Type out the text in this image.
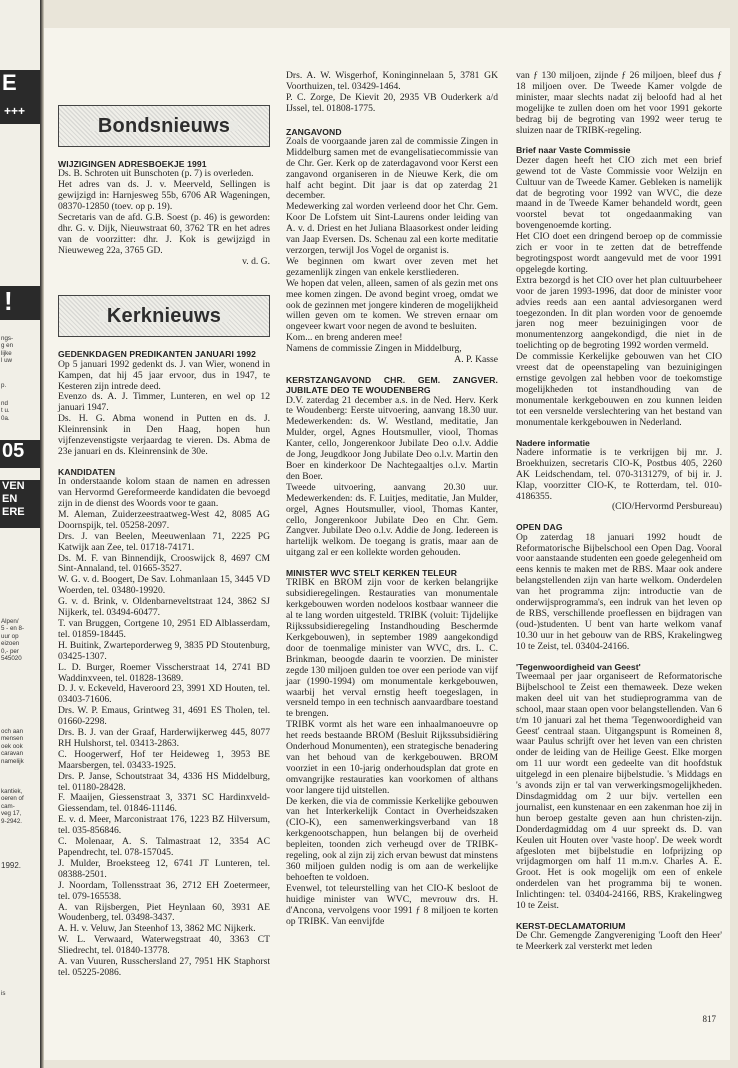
E
+++
!
05
VEN
EN
ERE
ngs-
g en
lijke
l uw
p.
nd
t u.
0a.
Alpen/
5 - en 8-
uur op
eizoen
0,- per
545020
och aan
mensen
oek ook
caravan
namelijk
kantiek,
oeren of
cam-
veg 17,
9-2942.
1992.
is
Bondsnieuws
WIJZIGINGEN ADRESBOEKJE 1991

Ds. B. Schroten uit Bunschoten (p. 7) is overleden.

Het adres van ds. J. v. Meerveld, Sellingen is gewijzigd in: Harnjesweg 55b, 6706 AR Wageningen, 08370-12850 (toev. op p. 19).

Secretaris van de afd. G.B. Soest (p. 46) is geworden: dhr. G. v. Dijk, Nieuwstraat 60, 3762 TR en het adres van de voorzitter: dhr. J. Kok is gewijzigd in Nieuweweg 22a, 3765 GD.

v. d. G.

Kerknieuws
GEDENKDAGEN PREDIKANTEN JANUARI 1992

Op 5 januari 1992 gedenkt ds. J. van Wier, wonend in Kampen, dat hij 45 jaar ervoor, dus in 1947, te Kesteren zijn intrede deed.

Evenzo ds. A. J. Timmer, Lunteren, en wel op 12 januari 1947.

Ds. H. G. Abma wonend in Putten en ds. J. Kleinrensink in Den Haag, hopen hun vijfenzevenstigste verjaardag te vieren. Ds. Abma de 23e januari en ds. Kleinrensink de 30e.

KANDIDATEN

In onderstaande kolom staan de namen en adressen van Hervormd Gereformeerde kandidaten die bevoegd zijn in de dienst des Woords voor te gaan.

M. Aleman, Zuiderzeestraatweg-West 42, 8085 AG Doornspijk, tel. 05258-2097.

Drs. J. van Beelen, Meeuwenlaan 71, 2225 PG Katwijk aan Zee, tel. 01718-74171.

Ds. M. F. van Binnendijk, Crooswijck 8, 4697 CM Sint-Annaland, tel. 01665-3527.

W. G. v. d. Boogert, De Sav. Lohmanlaan 15, 3445 VD Woerden, tel. 03480-19920.

G. v. d. Brink, v. Oldenbarneveltstraat 124, 3862 SJ Nijkerk, tel. 03494-60477.

T. van Bruggen, Cortgene 10, 2951 ED Alblasserdam, tel. 01859-18445.

H. Buitink, Zwarteporderweg 9, 3835 PD Stoutenburg, 03425-1307.

L. D. Burger, Roemer Visscherstraat 14, 2741 BD Waddinxveen, tel. 01828-13689.

D. J. v. Eckeveld, Haveroord 23, 3991 XD Houten, tel. 03403-71606.

Drs. W. P. Emaus, Grintweg 31, 4691 ES Tholen, tel. 01660-2298.

Drs. B. J. van der Graaf, Harderwijkerweg 445, 8077 RH Hulshorst, tel. 03413-2863.

C. Hoogerwerf, Hof ter Heideweg 1, 3953 BE Maarsbergen, tel. 03433-1925.

Drs. P. Janse, Schoutstraat 34, 4336 HS Middelburg, tel. 01180-28428.

F. Maaijen, Giessenstraat 3, 3371 SC Hardinxveld-Giessendam, tel. 01846-11146.

E. v. d. Meer, Marconistraat 176, 1223 BZ Hilversum, tel. 035-856846.

C. Molenaar, A. S. Talmastraat 12, 3354 AC Papendrecht, tel. 078-157045.

J. Mulder, Broeksteeg 12, 6741 JT Lunteren, tel. 08388-2501.

J. Noordam, Tollensstraat 36, 2712 EH Zoetermeer, tel. 079-165538.

A. van Rijsbergen, Piet Heynlaan 60, 3931 AE Woudenberg, tel. 03498-3437.

A. H. v. Veluw, Jan Steenhof 13, 3862 MC Nijkerk.

W. L. Verwaard, Waterwegstraat 40, 3363 CT Sliedrecht, tel. 01840-13778.

A. van Vuuren, Russchersland 27, 7951 HK Staphorst tel. 05225-2086.

Drs. A. W. Wisgerhof, Koninginnelaan 5, 3781 GK Voorthuizen, tel. 03429-1464.

P. C. Zorge, De Kievit 20, 2935 VB Ouderkerk a/d IJssel, tel. 01808-1775.

ZANGAVOND

Zoals de voorgaande jaren zal de commissie Zingen in Middelburg samen met de evangelisatiecommissie van de Chr. Ger. Kerk op de zaterdagavond voor Kerst een zangavond organiseren in de Nieuwe Kerk, die om half acht begint. Dit jaar is dat op zaterdag 21 december.

Medewerking zal worden verleend door het Chr. Gem. Koor De Lofstem uit Sint-Laurens onder leiding van A. v. d. Driest en het Juliana Blaasorkest onder leiding van Jaap Eversen. Ds. Schenau zal een korte meditatie verzorgen, terwijl Jos Vogel de organist is.

We beginnen om kwart over zeven met het gezamenlijk zingen van enkele kerstliederen.

We hopen dat velen, alleen, samen of als gezin met ons mee komen zingen. De avond begint vroeg, omdat we ook de gezinnen met jongere kinderen de mogelijkheid willen geven om te komen. We streven ernaar om ongeveer kwart voor negen de avond te besluiten.

Kom... en breng anderen mee!

Namens de commissie Zingen in Middelburg,

A. P. Kasse

KERSTZANGAVOND CHR. GEM. ZANGVER. JUBILATE DEO TE WOUDENBERG

D.V. zaterdag 21 december a.s. in de Ned. Herv. Kerk te Woudenberg: Eerste uitvoering, aanvang 18.30 uur. Medewerkenden: ds. W. Westland, meditatie, Jan Mulder, orgel, Agnes Houtsmuller, viool, Thomas Kanter, cello, Jongerenkoor Jubilate Deo o.l.v. Addie de Jong, Jeugdkoor Jong Jubilate Deo o.l.v. Martin den Boer en kinderkoor De Nachtegaaltjes o.l.v. Martin den Boer.

Tweede uitvoering, aanvang 20.30 uur. Medewerkenden: ds. F. Luitjes, meditatie, Jan Mulder, orgel, Agnes Houtsmuller, viool, Thomas Kanter, cello, Jongerenkoor Jubilate Deo en Chr. Gem. Zangver. Jubilate Deo o.l.v. Addie de Jong. Iedereen is hartelijk welkom. De toegang is gratis, maar aan de uitgang zal er een kollekte worden gehouden.

MINISTER WVC STELT KERKEN TELEUR

TRIBK en BROM zijn voor de kerken belangrijke subsidieregelingen. Restauraties van monumentale kerkgebouwen worden nodeloos kostbaar wanneer die al te lang worden uitgesteld. TRIBK (voluit: Tijdelijke Rijkssubsidieregeling Instandhouding Beschermde Kerkgebouwen), in september 1989 aangekondigd door de toenmalige minister van WVC, drs. L. C. Brinkman, beoogde daarin te voorzien. De minister zegde 130 miljoen gulden toe over een periode van vijf jaar (1990-1994) om monumentale kerkgebouwen, waarbij het verval ernstig heeft toegeslagen, in versneld tempo in een technisch aanvaardbare toestand te brengen.

TRIBK vormt als het ware een inhaalmanoeuvre op het reeds bestaande BROM (Besluit Rijkssubsidiëring Onderhoud Monumenten), een strategische benadering van het behoud van de kerkgebouwen. BROM voorziet in een 10-jarig onderhoudsplan dat grote en omvangrijke restauraties kan voorkomen of althans voor langere tijd uitstellen.

De kerken, die via de commissie Kerkelijke gebouwen van het Interkerkelijk Contact in Overheidszaken (CIO-K), een samenwerkingsverband van 18 kerkgenootschappen, hun belangen bij de overheid bepleiten, toonden zich verheugd over de TRIBK-regeling, ook al zijn zij zich ervan bewust dat minstens 360 miljoen gulden nodig is om aan de werkelijke behoeften te voldoen.

Evenwel, tot teleurstelling van het CIO-K besloot de huidige minister van WVC, mevrouw drs. H. d'Ancona, vervolgens voor 1991 ƒ 8 miljoen te korten op TRIBK. Van eenvijfde

van ƒ 130 miljoen, zijnde ƒ 26 miljoen, bleef dus ƒ 18 miljoen over. De Tweede Kamer volgde de minister, maar slechts nadat zij beloofd had al het mogelijke te zullen doen om het voor 1991 gekorte bedrag bij de begroting van 1992 weer terug te sluizen naar de TRIBK-regeling.

Brief naar Vaste Commissie

Dezer dagen heeft het CIO zich met een brief gewend tot de Vaste Commissie voor Welzijn en Cultuur van de Tweede Kamer. Gebleken is namelijk dat de begroting voor 1992 van WVC, die deze maand in de Tweede Kamer behandeld wordt, geen voorstel bevat tot ongedaanmaking van bovengenoemde korting.

Het CIO doet een dringend beroep op de commissie zich er voor in te zetten dat de betreffende begrotingspost wordt aangevuld met de voor 1991 opgelegde korting.

Extra bezorgd is het CIO over het plan cultuurbeheer voor de jaren 1993-1996, dat door de minister voor advies reeds aan een aantal adviesorganen werd toegezonden. In dit plan worden voor de genoemde jaren nog meer bezuinigingen voor de monumentenzorg aangekondigd, die niet in de toelichting op de begroting 1992 worden vermeld.

De commissie Kerkelijke gebouwen van het CIO vreest dat de opeenstapeling van bezuinigingen ernstige gevolgen zal hebben voor de toekomstige mogelijkheden tot instandhouding van de monumentale kerkgebouwen en zou kunnen leiden tot een versnelde verslechtering van het bestand van monumentale kerkgebouwen in Nederland.

Nadere informatie

Nadere informatie is te verkrijgen bij mr. J. Broekhuizen, secretaris CIO-K, Postbus 405, 2260 AK Leidschendam, tel. 070-3131279, of bij ir. J. Klap, voorzitter CIO-K, te Rotterdam, tel. 010-4186355.

(CIO/Hervormd Persbureau)

OPEN DAG

Op zaterdag 18 januari 1992 houdt de Reformatorische Bijbelschool een Open Dag. Vooral voor aanstaande studenten een goede gelegenheid om eens kennis te maken met de RBS. Maar ook andere belangstellenden zijn van harte welkom. Onderdelen van het programma zijn: introductie van de onderwijsprogramma's, een indruk van het leven op de RBS, verschillende proeflessen en bijdragen van (oud-)studenten. U bent van harte welkom vanaf 10.30 uur in het gebouw van de RBS, Krakelingweg 10 te Zeist, tel. 03404-24166.

'Tegenwoordigheid van Geest'

Tweemaal per jaar organiseert de Reformatorische Bijbelschool te Zeist een themaweek. Deze weken maken deel uit van het studieprogramma van de school, maar staan open voor belangstellenden. Van 6 t/m 10 januari zal het thema 'Tegenwoordigheid van Geest' centraal staan. Uitgangspunt is Romeinen 8, waar Paulus schrijft over het leven van een christen onder de leiding van de Heilige Geest. Elke morgen om 11 uur wordt een gedeelte van dit hoofdstuk uitgelegd in een plenaire bijbelstudie. 's Middags en 's avonds zijn er tal van verwerkingsmogelijkheden. Dinsdagmiddag om 2 uur bijv. vertellen een journalist, een kunstenaar en een zakenman hoe zij in hun beroep gestalte geven aan hun christen-zijn. Donderdagmiddag om 4 uur spreekt ds. D. van Keulen uit Houten over 'vaste hoop'. De week wordt afgesloten met bijbelstudie en lofprijzing op vrijdagmorgen om half 11 m.m.v. Charles A. E. Groot. Het is ook mogelijk om een of enkele onderdelen van het programma bij te wonen. Inlichtingen: tel. 03404-24166, RBS, Krakelingweg 10 te Zeist.

KERST-DECLAMATORIUM

De Chr. Gemengde Zangvereniging 'Looft den Heer' te Meerkerk zal versterkt met leden

817
